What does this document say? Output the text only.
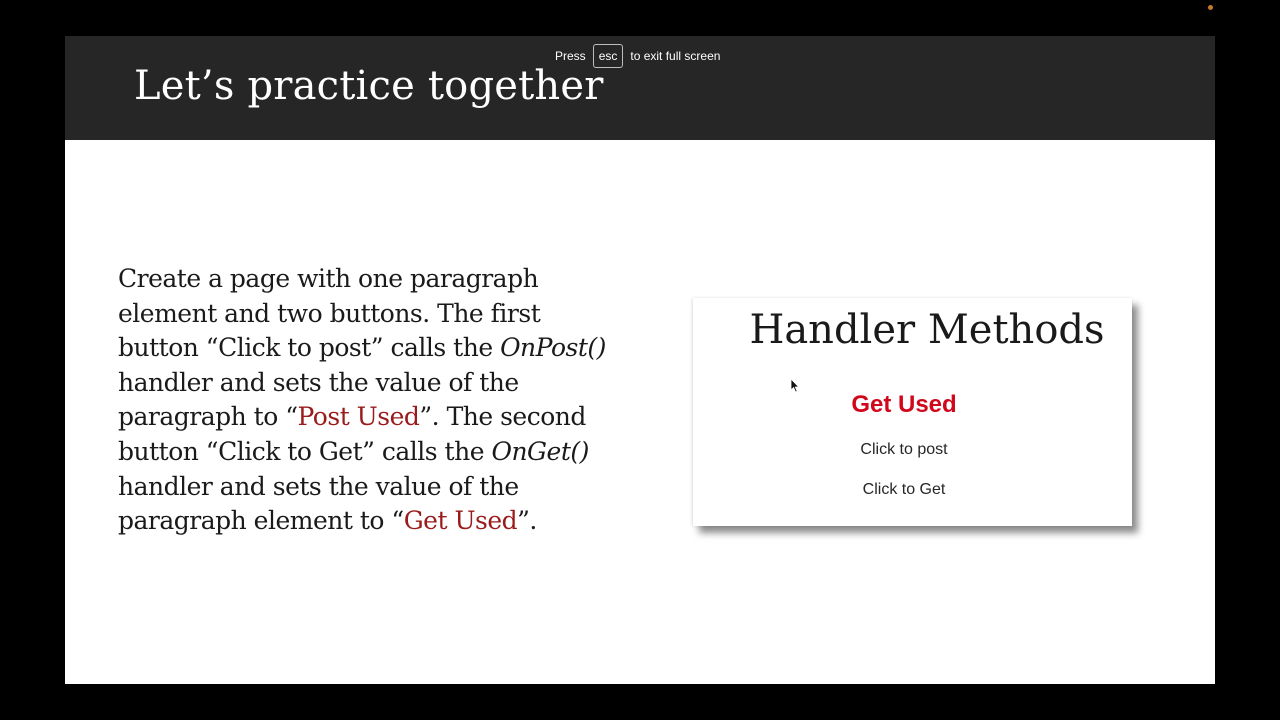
Let’s practice together

Create a page with one paragraph element and two buttons. The first button “Click to post” calls the OnPost() handler and sets the value of the paragraph to “Post Used”. The second button “Click to Get” calls the OnGet() handler and sets the value of the paragraph element to “Get Used”.

Handler Methods

Get Used

Click to post
Click to Get
Press	esc	to exit full screen
